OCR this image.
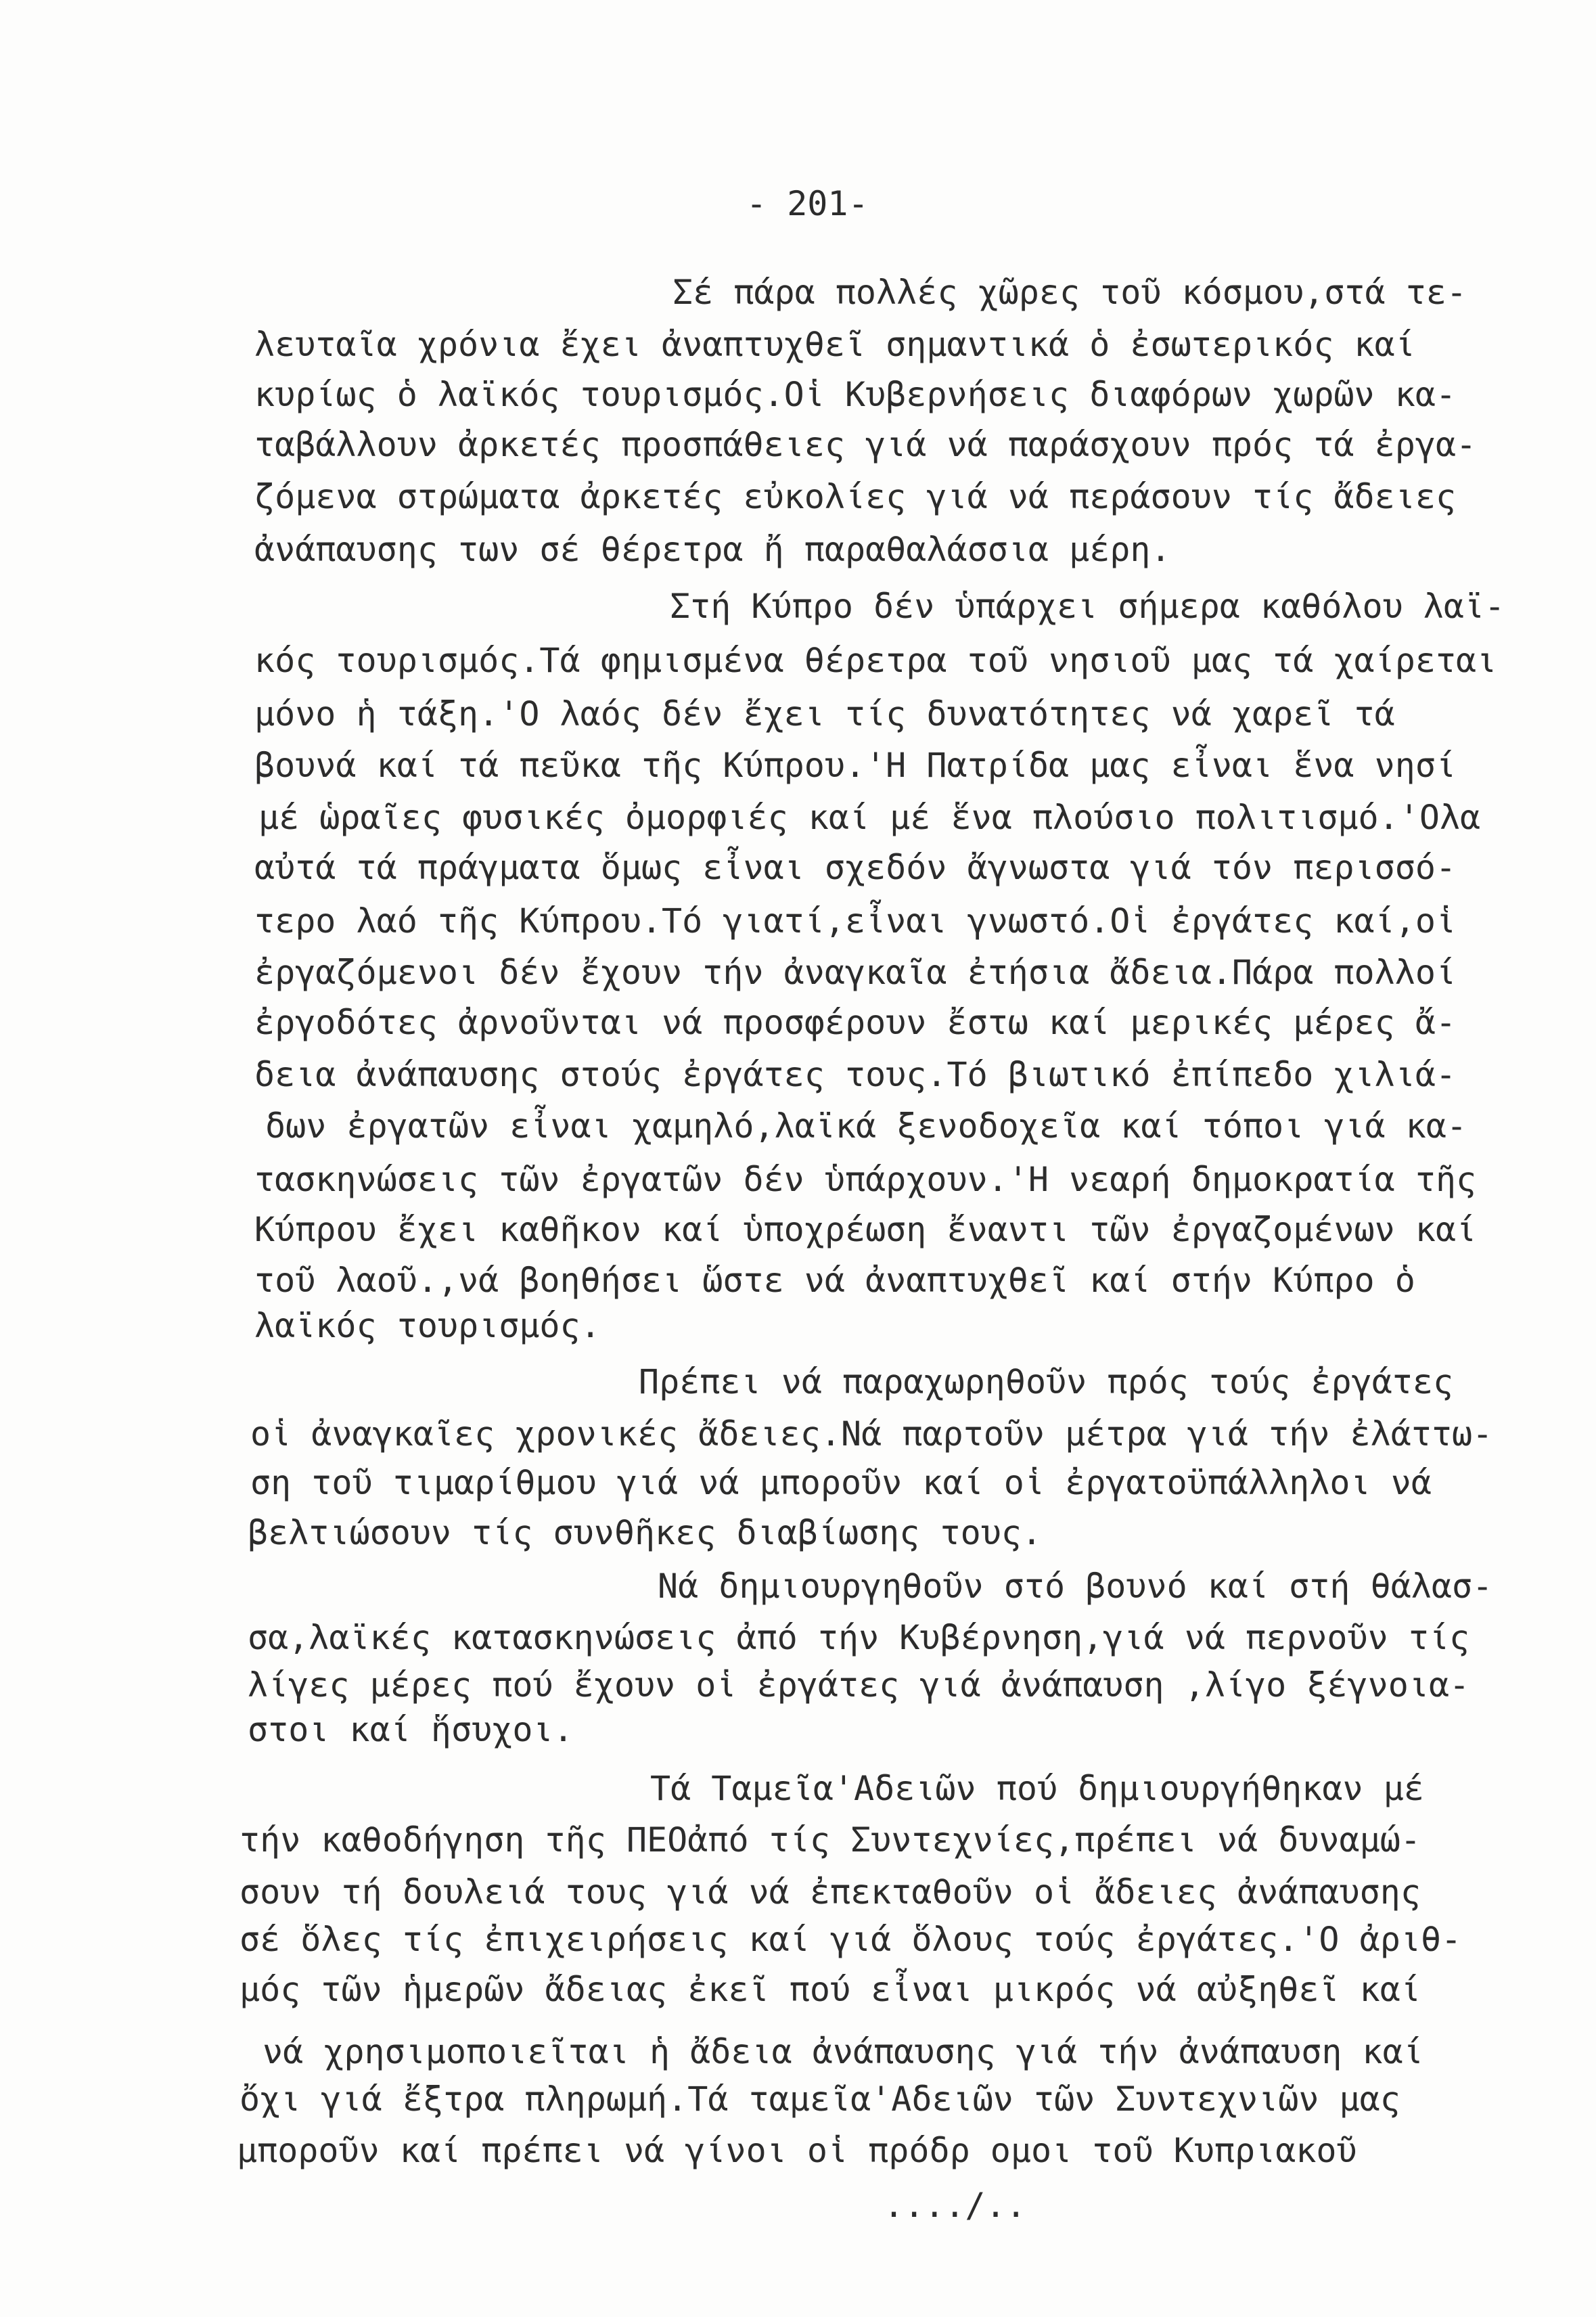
- 201-
Σέ πάρα πολλές χῶρες τοῦ κόσμου,στά τε-
λευταῖα χρόνια ἔχει ἀναπτυχθεῖ σημαντικά ὁ ἐσωτερικός καί
κυρίως ὁ λαϊκός τουρισμός.Οἱ Κυβερνήσεις διαφόρων χωρῶν κα-
ταβάλλουν ἀρκετές προσπάθειες γιά νά παράσχουν πρός τά ἐργα-
ζόμενα στρώματα ἀρκετές εὐκολίες γιά νά περάσουν τίς ἄδειες
ἀνάπαυσης των σέ θέρετρα ἤ παραθαλάσσια μέρη.
Στή Κύπρο δέν ὑπάρχει σήμερα καθόλου λαϊ-
κός τουρισμός.Τά φημισμένα θέρετρα τοῦ νησιοῦ μας τά χαίρεται
μόνο ἡ τάξη.'Ο λαός δέν ἔχει τίς δυνατότητες νά χαρεῖ τά
βουνά καί τά πεῦκα τῆς Κύπρου.'Η Πατρίδα μας εἶναι ἕνα νησί
μέ ὡραῖες φυσικές ὀμορφιές καί μέ ἕνα πλούσιο πολιτισμό.'Ολα
αὐτά τά πράγματα ὅμως εἶναι σχεδόν ἄγνωστα γιά τόν περισσό-
τερο λαό τῆς Κύπρου.Τό γιατί,εἶναι γνωστό.Οἱ ἐργάτες καί,οἱ
ἐργαζόμενοι δέν ἔχουν τήν ἀναγκαῖα ἐτήσια ἄδεια.Πάρα πολλοί
ἐργοδότες ἀρνοῦνται νά προσφέρουν ἔστω καί μερικές μέρες ἄ-
δεια ἀνάπαυσης στούς ἐργάτες τους.Τό βιωτικό ἐπίπεδο χιλιά-
δων ἐργατῶν εἶναι χαμηλό,λαϊκά ξενοδοχεῖα καί τόποι γιά κα-
τασκηνώσεις τῶν ἐργατῶν δέν ὑπάρχουν.'Η νεαρή δημοκρατία τῆς
Κύπρου ἔχει καθῆκον καί ὑποχρέωση ἔναντι τῶν ἐργαζομένων καί
τοῦ λαοῦ.,νά βοηθήσει ὥστε νά ἀναπτυχθεῖ καί στήν Κύπρο ὁ
λαϊκός τουρισμός.
Πρέπει νά παραχωρηθοῦν πρός τούς ἐργάτες
οἱ ἀναγκαῖες χρονικές ἄδειες.Νά παρτοῦν μέτρα γιά τήν ἐλάττω-
ση τοῦ τιμαρίθμου γιά νά μποροῦν καί οἱ ἐργατοϋπάλληλοι νά
βελτιώσουν τίς συνθῆκες διαβίωσης τους.
Νά δημιουργηθοῦν στό βουνό καί στή θάλασ-
σα,λαϊκές κατασκηνώσεις ἀπό τήν Κυβέρνηση,γιά νά περνοῦν τίς
λίγες μέρες πού ἔχουν οἱ ἐργάτες γιά ἀνάπαυση ,λίγο ξέγνοια-
στοι καί ἥσυχοι.
Τά Ταμεῖα'Αδειῶν πού δημιουργήθηκαν μέ
τήν καθοδήγηση τῆς ΠΕΟἀπό τίς Συντεχνίες,πρέπει νά δυναμώ-
σουν τή δουλειά τους γιά νά ἐπεκταθοῦν οἱ ἄδειες ἀνάπαυσης
σέ ὅλες τίς ἐπιχειρήσεις καί γιά ὅλους τούς ἐργάτες.'Ο ἀριθ-
μός τῶν ἡμερῶν ἄδειας ἐκεῖ πού εἶναι μικρός νά αὐξηθεῖ καί
νά χρησιμοποιεῖται ἡ ἄδεια ἀνάπαυσης γιά τήν ἀνάπαυση καί
ὄχι γιά ἔξτρα πληρωμή.Τά ταμεῖα'Αδειῶν τῶν Συντεχνιῶν μας
μποροῦν καί πρέπει νά γίνοι οἱ πρόδρ ομοι τοῦ Κυπριακοῦ
..../..
